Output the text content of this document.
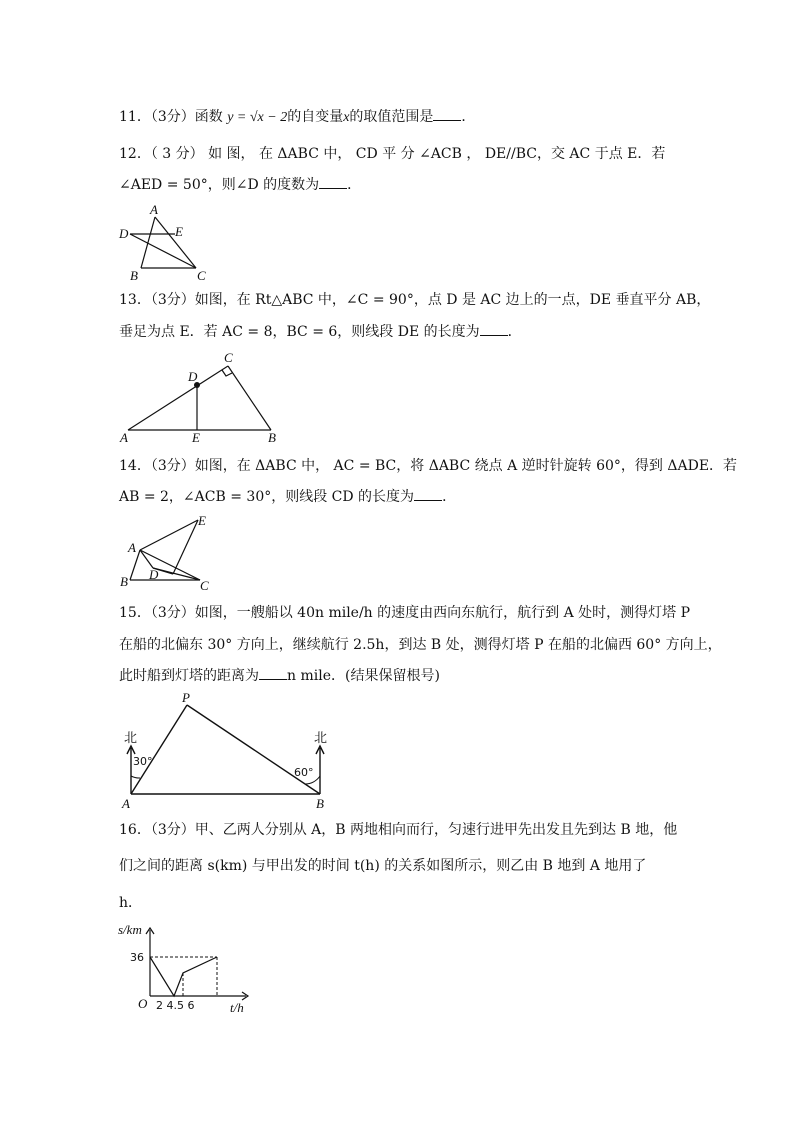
11．（3分）函数 y = √x − 2的自变量x的取值范围是 ．
12．（ 3 分） 如 图， 在 ΔABC 中， CD 平 分 ∠ACB ， DE//BC，交 AC 于点 E．若
∠AED = 50°，则∠D 的度数为 ．
A
D	E
B	C
13．（3分）如图，在 Rt△ABC 中，∠C = 90°，点 D 是 AC 边上的一点，DE 垂直平分 AB，
垂足为点 E．若 AC = 8，BC = 6，则线段 DE 的长度为 ．
C
D
A	E	B
14．（3分）如图，在 ΔABC 中， AC = BC，将 ΔABC 绕点 A 逆时针旋转 60°，得到 ΔADE．若
AB = 2，∠ACB = 30°，则线段 CD 的长度为 ．
E
A
D
B	C
15．（3分）如图，一艘船以 40n mile/h 的速度由西向东航行，航行到 A 处时，测得灯塔 P
在船的北偏东 30° 方向上，继续航行 2.5h，到达 B 处，测得灯塔 P 在船的北偏西 60° 方向上，
此时船到灯塔的距离为 n mile．(结果保留根号)
P
A	B
北	北
30°
60°
16．（3分）甲、乙两人分别从 A，B 两地相向而行，匀速行进甲先出发且先到达 B 地，他
们之间的距离 s(km) 与甲出发的时间 t(h) 的关系如图所示，则乙由 B 地到 A 地用了
h．
s/km
36
O 2 4.5 6	t/h
